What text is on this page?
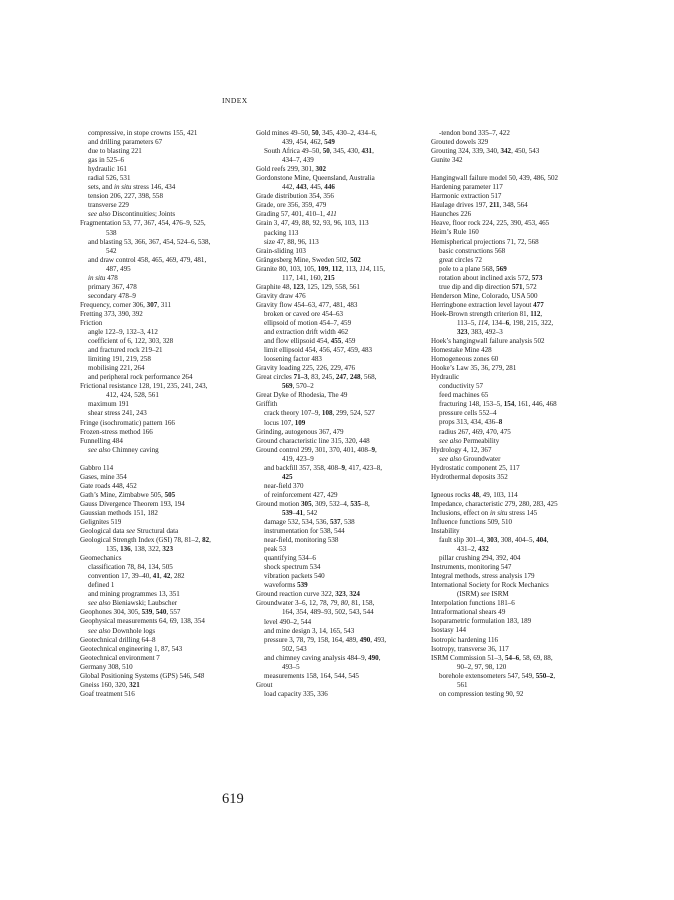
INDEX
compressive, in stope crowns 155, 421
and drilling parameters 67
due to blasting 221
gas in 525–6
hydraulic 161
radial 526, 531
sets, and in situ stress 146, 434
tension 206, 227, 398, 558
transverse 229
see also Discontinuities; Joints
Fragmentation 53, 77, 367, 454, 476–9, 525,
538
and blasting 53, 366, 367, 454, 524–6, 538,
542
and draw control 458, 465, 469, 479, 481,
487, 495
in situ 478
primary 367, 478
secondary 478–9
Frequency, corner 306, 307, 311
Fretting 373, 390, 392
Friction
angle 122–9, 132–3, 412
coefficient of 6, 122, 303, 328
and fractured rock 219–21
limiting 191, 219, 258
mobilising 221, 264
and peripheral rock performance 264
Frictional resistance 128, 191, 235, 241, 243,
412, 424, 528, 561
maximum 191
shear stress 241, 243
Fringe (isochromatic) pattern 166
Frozen-stress method 166
Funnelling 484
see also Chimney caving
Gabbro 114
Gases, mine 354
Gate roads 448, 452
Gath’s Mine, Zimbabwe 505, 505
Gauss Divergence Theorem 193, 194
Gaussian methods 151, 182
Gelignites 519
Geological data see Structural data
Geological Strength Index (GSI) 78, 81–2, 82,
135, 136, 138, 322, 323
Geomechanics
classification 78, 84, 134, 505
convention 17, 39–40, 41, 42, 282
defined 1
and mining programmes 13, 351
see also Bieniawski; Laubscher
Geophones 304, 305, 539, 540, 557
Geophysical measurements 64, 69, 138, 354
see also Downhole logs
Geotechnical drilling 64–8
Geotechnical engineering 1, 87, 543
Geotechnical environment 7
Germany 308, 510
Global Positioning Systems (GPS) 546, 548
Gneiss 160, 320, 321
Goaf treatment 516
Gold mines 49–50, 50, 345, 430–2, 434–6,
439, 454, 462, 549
South Africa 49–50, 50, 345, 430, 431,
434–7, 439
Gold reefs 299, 301, 302
Gordonstone Mine, Queensland, Australia
442, 443, 445, 446
Grade distribution 354, 356
Grade, ore 356, 359, 479
Grading 57, 401, 410–1, 411
Grain 3, 47, 49, 88, 92, 93, 96, 103, 113
packing 113
size 47, 88, 96, 113
Grain-sliding 103
Grängesberg Mine, Sweden 502, 502
Granite 80, 103, 105, 109, 112, 113, 114, 115,
117, 141, 160, 215
Graphite 48, 123, 125, 129, 558, 561
Gravity draw 476
Gravity flow 454–63, 477, 481, 483
broken or caved ore 454–63
ellipsoid of motion 454–7, 459
and extraction drift width 462
and flow ellipsoid 454, 455, 459
limit ellipsoid 454, 456, 457, 459, 483
loosening factor 483
Gravity loading 225, 226, 229, 476
Great circles 71–3, 83, 245, 247, 248, 568,
569, 570–2
Great Dyke of Rhodesia, The 49
Griffith
crack theory 107–9, 108, 299, 524, 527
locus 107, 109
Grinding, autogenous 367, 479
Ground characteristic line 315, 320, 448
Ground control 299, 301, 370, 401, 408–9,
419, 423–9
and backfill 357, 358, 408–9, 417, 423–8,
425
near-field 370
of reinforcement 427, 429
Ground motion 305, 309, 532–4, 535–8,
539–41, 542
damage 532, 534, 536, 537, 538
instrumentation for 538, 544
near-field, monitoring 538
peak 53
quantifying 534–6
shock spectrum 534
vibration packets 540
waveforms 539
Ground reaction curve 322, 323, 324
Groundwater 3–6, 12, 78, 79, 80, 81, 158,
164, 354, 489–93, 502, 543, 544
level 490–2, 544
and mine design 3, 14, 165, 543
pressure 3, 78, 79, 158, 164, 489, 490, 493,
502, 543
and chimney caving analysis 484–9, 490,
493–5
measurements 158, 164, 544, 545
Grout
load capacity 335, 336
-tendon bond 335–7, 422
Grouted dowels 329
Grouting 324, 339, 340, 342, 450, 543
Gunite 342
Hangingwall failure model 50, 439, 486, 502
Hardening parameter 117
Harmonic extraction 517
Haulage drives 197, 211, 348, 564
Haunches 226
Heave, floor rock 224, 225, 390, 453, 465
Heim’s Rule 160
Hemispherical projections 71, 72, 568
basic constructions 568
great circles 72
pole to a plane 568, 569
rotation about inclined axis 572, 573
true dip and dip direction 571, 572
Henderson Mine, Colorado, USA 500
Herringbone extraction level layout 477
Hoek-Brown strength criterion 81, 112,
113–5, 114, 134–6, 198, 215, 322,
323, 383, 492–3
Hoek’s hangingwall failure analysis 502
Homestake Mine 428
Homogeneous zones 60
Hooke’s Law 35, 36, 279, 281
Hydraulic
conductivity 57
feed machines 65
fracturing 148, 153–5, 154, 161, 446, 468
pressure cells 552–4
props 313, 434, 436–8
radius 267, 469, 470, 475
see also Permeability
Hydrology 4, 12, 367
see also Groundwater
Hydrostatic component 25, 117
Hydrothermal deposits 352
Igneous rocks 48, 49, 103, 114
Impedance, characteristic 279, 280, 283, 425
Inclusions, effect on in situ stress 145
Influence functions 509, 510
Instability
fault slip 301–4, 303, 308, 404–5, 404,
431–2, 432
pillar crushing 294, 392, 404
Instruments, monitoring 547
Integral methods, stress analysis 179
International Society for Rock Mechanics
(ISRM) see ISRM
Interpolation functions 181–6
Intraformational shears 49
Isoparametric formulation 183, 189
Isostasy 144
Isotropic hardening 116
Isotropy, transverse 36, 117
ISRM Commission 51–3, 54–6, 58, 69, 88,
90–2, 97, 98, 120
borehole extensometers 547, 549, 550–2,
561
on compression testing 90, 92
619
